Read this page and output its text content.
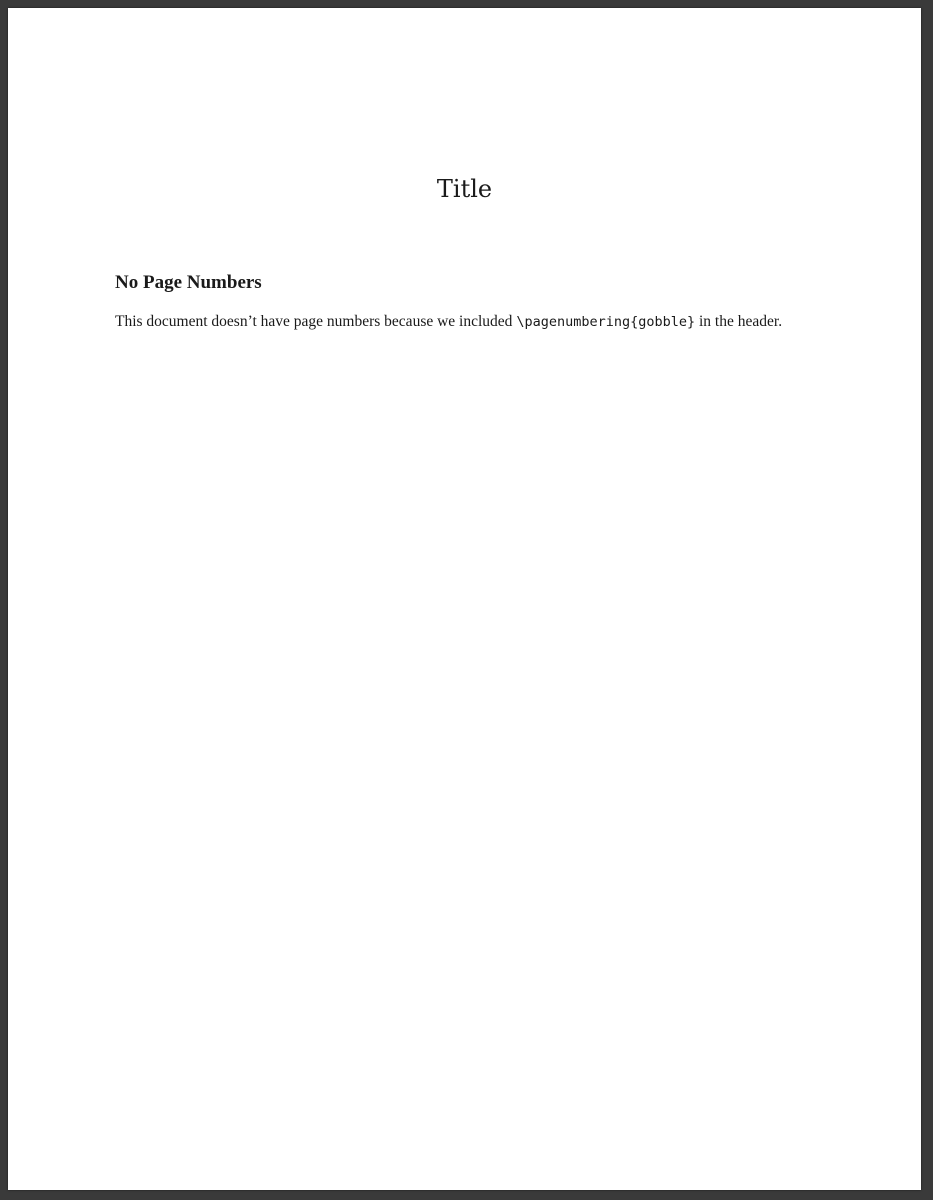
Title
No Page Numbers

This document doesn’t have page numbers because we included \pagenumbering{gobble} in the header.
